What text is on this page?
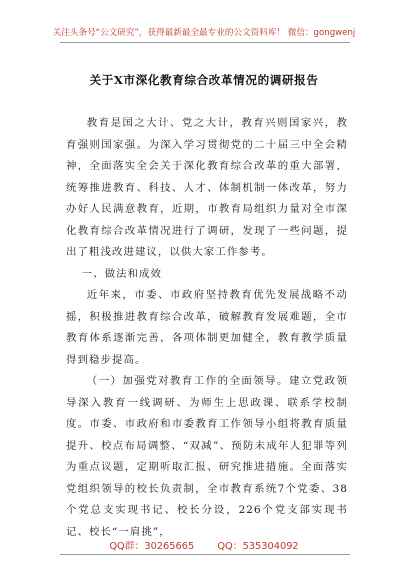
关注头条号“公文研究”，获得最新最全最专业的公文资料库！ 微信：gongwenj
关于X市深化教育综合改革情况的调研报告

教育是国之大计、党之大计，教育兴则国家兴，教育强则国家强。为深入学习贯彻党的二十届三中全会精神，全面落实全会关于深化教育综合改革的重大部署，统筹推进教育、科技、人才、体制机制一体改革，努力办好人民满意教育，近期，市教育局组织力量对全市深化教育综合改革情况进行了调研，发现了一些问题，提出了粗浅改进建议，以供大家工作参考。

一、做法和成效

近年来，市委、市政府坚持教育优先发展战略不动摇，积极推进教育综合改革，破解教育发展难题，全市教育体系逐渐完善，各项体制更加健全，教育教学质量得到稳步提高。

（一）加强党对教育工作的全面领导。建立党政领导深入教育一线调研、为师生上思政课、联系学校制度。市委、市政府和市委教育工作领导小组将教育质量提升、校点布局调整、“双减”、预防未成年人犯罪等列为重点议题，定期听取汇报、研究推进措施。全面落实党组织领导的校长负责制，全市教育系统7个党委、38个党总支实现书记、校长分设，226个党支部实现书记、校长“一肩挑”，

QQ群：30265665 QQ：535304092
